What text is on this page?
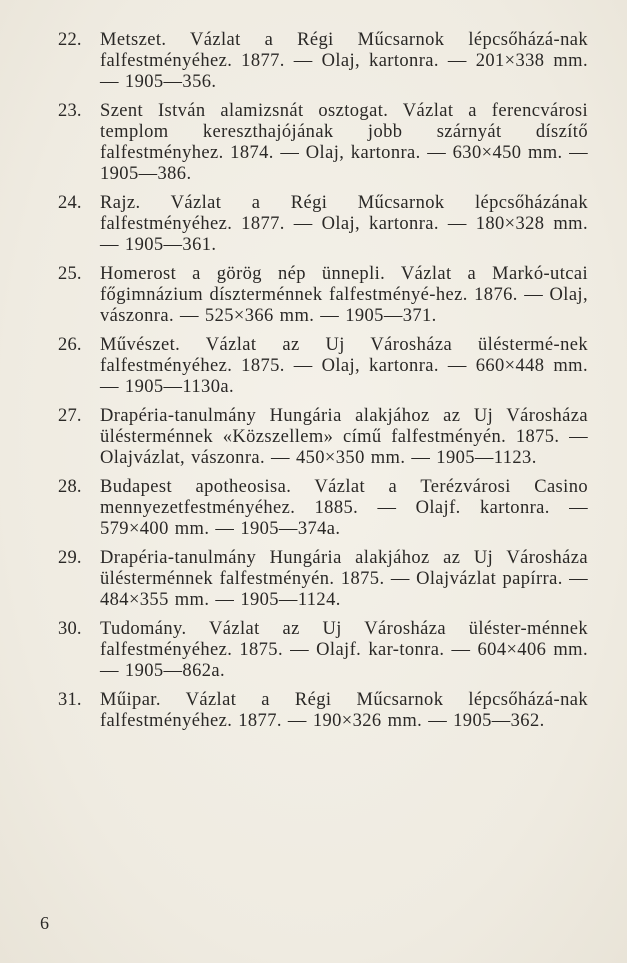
22. Metszet. Vázlat a Régi Műcsarnok lépcsőházá-nak falfestményéhez. 1877. — Olaj, kartonra. — 201×338 mm. — 1905—356.
23. Szent István alamizsnát osztogat. Vázlat a ferencvárosi templom kereszthajójának jobb szárnyát díszítő falfestményhez. 1874. — Olaj, kartonra. — 630×450 mm. — 1905—386.
24. Rajz. Vázlat a Régi Műcsarnok lépcsőházának falfestményéhez. 1877. — Olaj, kartonra. — 180×328 mm. — 1905—361.
25. Homerost a görög nép ünnepli. Vázlat a Markó-utcai főgimnázium díszterménnek falfestményé-hez. 1876. — Olaj, vászonra. — 525×366 mm. — 1905—371.
26. Művészet. Vázlat az Uj Városháza üléstermé-nek falfestményéhez. 1875. — Olaj, kartonra. — 660×448 mm. — 1905—1130a.
27. Drapéria-tanulmány Hungária alakjához az Uj Városháza ülésterménnek «Közszellem» című falfestményén. 1875. — Olajvázlat, vászonra. — 450×350 mm. — 1905—1123.
28. Budapest apotheosisa. Vázlat a Terézvárosi Casino mennyezetfestményéhez. 1885. — Olajf. kartonra. — 579×400 mm. — 1905—374a.
29. Drapéria-tanulmány Hungária alakjához az Uj Városháza ülésterménnek falfestményén. 1875. — Olajvázlat papírra. — 484×355 mm. — 1905—1124.
30. Tudomány. Vázlat az Uj Városháza üléster-ménnek falfestményéhez. 1875. — Olajf. kar-tonra. — 604×406 mm. — 1905—862a.
31. Műipar. Vázlat a Régi Műcsarnok lépcsőházá-nak falfestményéhez. 1877. — 190×326 mm. — 1905—362.
6
